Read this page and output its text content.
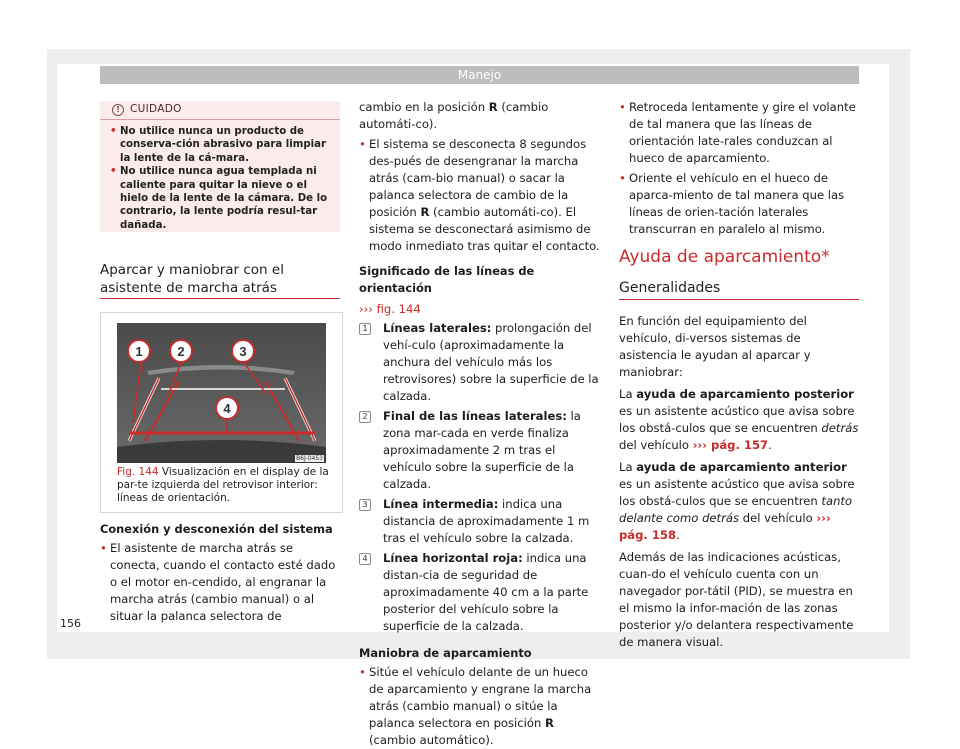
Manejo
! CUIDADO
• No utilice nunca un producto de conserva-ción abrasivo para limpiar la lente de la cá-mara.
• No utilice nunca agua templada ni caliente para quitar la nieve o el hielo de la lente de la cámara. De lo contrario, la lente podría resul-tar dañada.
Aparcar y maniobrar con el asistente de marcha atrás
1	2	3
4
B6J-0453
Fig. 144 Visualización en el display de la par-te izquierda del retrovisor interior: líneas de orientación.

Conexión y desconexión del sistema

• El asistente de marcha atrás se conecta, cuando el contacto esté dado o el motor en-cendido, al engranar la marcha atrás (cambio manual) o al situar la palanca selectora de

cambio en la posición R (cambio automáti-co).

• El sistema se desconecta 8 segundos des-pués de desengranar la marcha atrás (cam-bio manual) o sacar la palanca selectora de cambio de la posición R (cambio automáti-co). El sistema se desconectará asimismo de modo inmediato tras quitar el contacto.

Significado de las líneas de orientación

››› fig. 144

1 Líneas laterales: prolongación del vehí-culo (aproximadamente la anchura del vehículo más los retrovisores) sobre la superficie de la calzada.

2 Final de las líneas laterales: la zona mar-cada en verde finaliza aproximadamente 2 m tras el vehículo sobre la superficie de la calzada.

3 Línea intermedia: indica una distancia de aproximadamente 1 m tras el vehículo sobre la calzada.

4 Línea horizontal roja: indica una distan-cia de seguridad de aproximadamente 40 cm a la parte posterior del vehículo sobre la superficie de la calzada.

Maniobra de aparcamiento

• Sitúe el vehículo delante de un hueco de aparcamiento y engrane la marcha atrás (cambio manual) o sitúe la palanca selectora en posición R (cambio automático).

• Retroceda lentamente y gire el volante de tal manera que las líneas de orientación late-rales conduzcan al hueco de aparcamiento.

• Oriente el vehículo en el hueco de aparca-miento de tal manera que las líneas de orien-tación laterales transcurran en paralelo al mismo.

Ayuda de aparcamiento*
Generalidades

En función del equipamiento del vehículo, di-versos sistemas de asistencia le ayudan al aparcar y maniobrar:

La ayuda de aparcamiento posterior es un asistente acústico que avisa sobre los obstá-culos que se encuentren detrás del vehículo ››› pág. 157.

La ayuda de aparcamiento anterior es un asistente acústico que avisa sobre los obstá-culos que se encuentren tanto delante como detrás del vehículo ››› pág. 158.

Además de las indicaciones acústicas, cuan-do el vehículo cuenta con un navegador por-tátil (PID), se muestra en el mismo la infor-mación de las zonas posterior y/o delantera respectivamente de manera visual.

156
